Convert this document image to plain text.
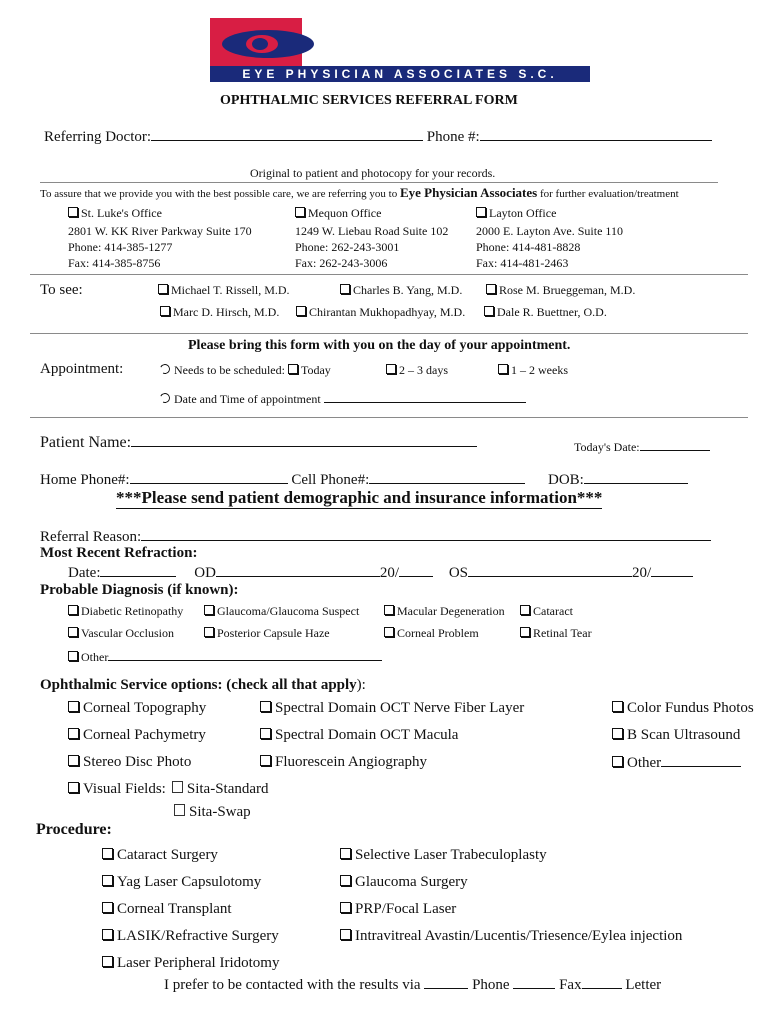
EYE PHYSICIAN ASSOCIATES S.C.
OPHTHALMIC SERVICES REFERRAL FORM
Referring Doctor:	Phone #:
Original to patient and photocopy for your records.
To assure that we provide you with the best possible care, we are referring you to Eye Physician Associates for further evaluation/treatment
St. Luke's Office
2801 W. KK River Parkway Suite 170
Phone: 414-385-1277
Fax: 414-385-8756
Mequon Office
1249 W. Liebau Road Suite 102
Phone: 262-243-3001
Fax: 262-243-3006
Layton Office
2000 E. Layton Ave. Suite 110
Phone: 414-481-8828
Fax: 414-481-2463
To see:	Michael T. Rissell, M.D.	Charles B. Yang, M.D.	Rose M. Brueggeman, M.D.
Marc D. Hirsch, M.D.	Chirantan Mukhopadhyay, M.D.	Dale R. Buettner, O.D.
Please bring this form with you on the day of your appointment.
Appointment:	Needs to be scheduled: Today	2 – 3 days	1 – 2 weeks
Date and Time of appointment
Patient Name:	Today's Date:
Home Phone#:	Cell Phone#:	DOB:
***Please send patient demographic and insurance information***
Referral Reason:
Most Recent Refraction:
Date:	OD	20/	OS	20/
Probable Diagnosis (if known):
Diabetic Retinopathy	Glaucoma/Glaucoma Suspect	Macular Degeneration	Cataract
Vascular Occlusion	Posterior Capsule Haze	Corneal Problem	Retinal Tear
Other
Ophthalmic Service options: (check all that apply):
Corneal Topography	Spectral Domain OCT Nerve Fiber Layer	Color Fundus Photos
Corneal Pachymetry	Spectral Domain OCT Macula	B Scan Ultrasound
Stereo Disc Photo	Fluorescein Angiography	Other
Visual Fields: Sita-Standard
Sita-Swap
Procedure:
Cataract Surgery	Selective Laser Trabeculoplasty
Yag Laser Capsulotomy	Glaucoma Surgery
Corneal Transplant	PRP/Focal Laser
LASIK/Refractive Surgery	Intravitreal Avastin/Lucentis/Triesence/Eylea injection
Laser Peripheral Iridotomy
I prefer to be contacted with the results via	Phone	Fax	Letter
